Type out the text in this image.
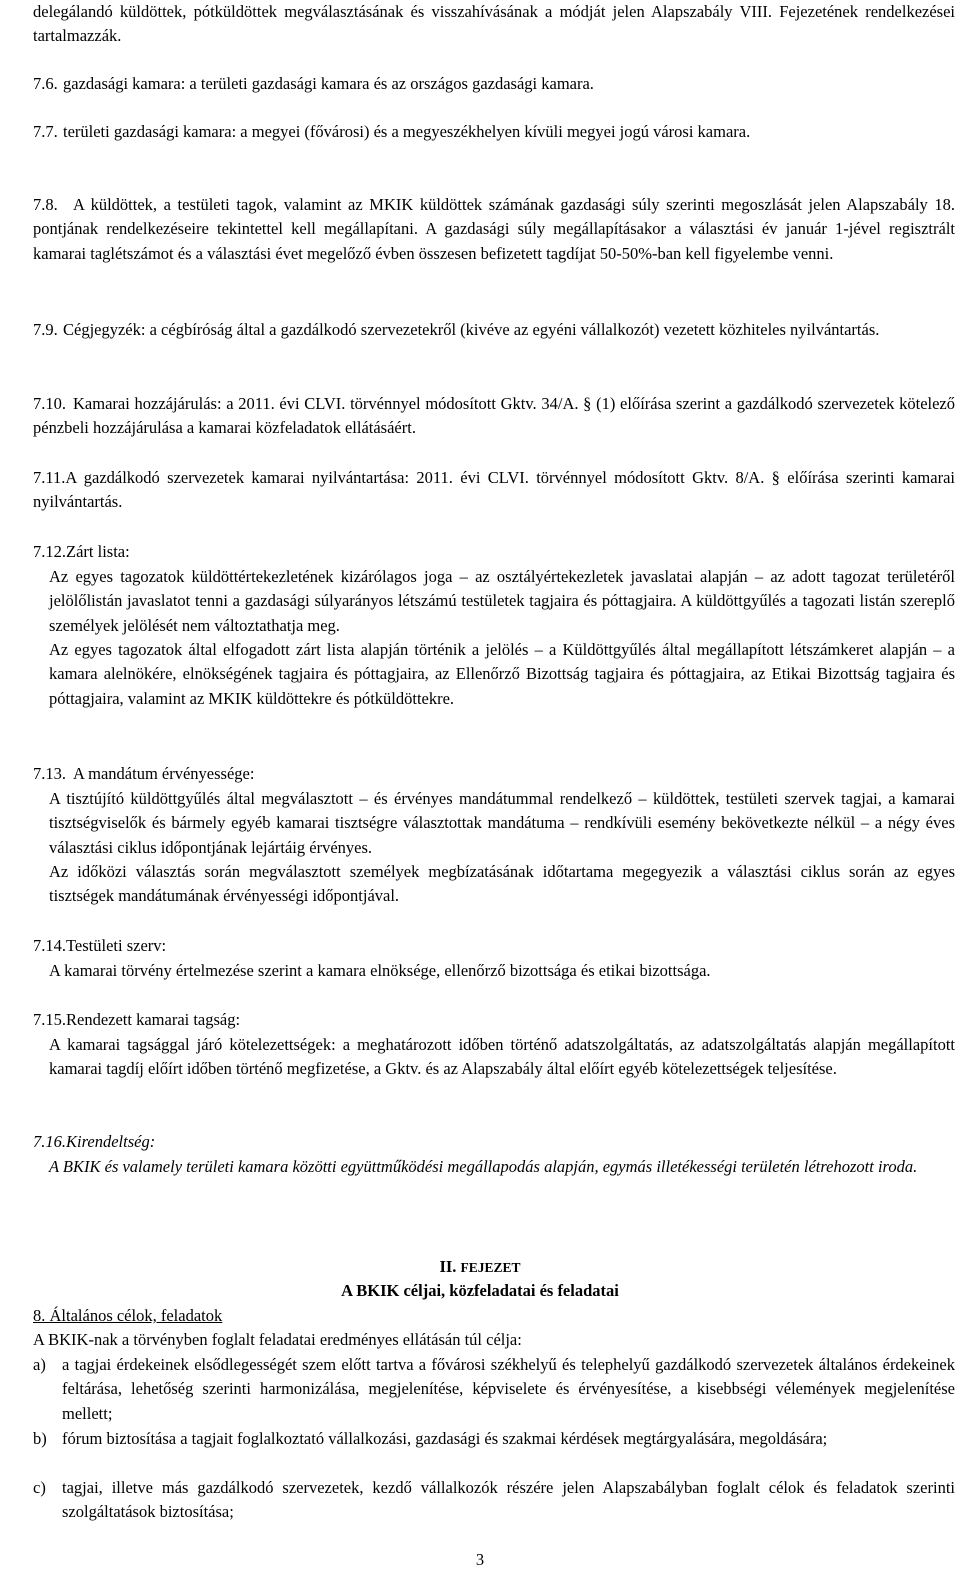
delegálandó küldöttek, pótküldöttek megválasztásának és visszahívásának a módját jelen Alapszabály VIII. Fejezetének rendelkezései tartalmazzák.

7.6. gazdasági kamara: a területi gazdasági kamara és az országos gazdasági kamara.

7.7. területi gazdasági kamara: a megyei (fővárosi) és a megyeszékhelyen kívüli megyei jogú városi kamara.

7.8. A küldöttek, a testületi tagok, valamint az MKIK küldöttek számának gazdasági súly szerinti megoszlását jelen Alapszabály 18. pontjának rendelkezéseire tekintettel kell megállapítani. A gazdasági súly megállapításakor a választási év január 1-jével regisztrált kamarai taglétszámot és a választási évet megelőző évben összesen befizetett tagdíjat 50-50%-ban kell figyelembe venni.

7.9. Cégjegyzék: a cégbíróság által a gazdálkodó szervezetekről (kivéve az egyéni vállalkozót) vezetett közhiteles nyilvántartás.

7.10. Kamarai hozzájárulás: a 2011. évi CLVI. törvénnyel módosított Gktv. 34/A. § (1) előírása szerint a gazdálkodó szervezetek kötelező pénzbeli hozzájárulása a kamarai közfeladatok ellátásáért.

7.11.A gazdálkodó szervezetek kamarai nyilvántartása: 2011. évi CLVI. törvénnyel módosított Gktv. 8/A. § előírása szerinti kamarai nyilvántartás.

7.12.Zárt lista:

Az egyes tagozatok küldöttértekezletének kizárólagos joga – az osztályértekezletek javaslatai alapján – az adott tagozat területéről jelölőlistán javaslatot tenni a gazdasági súlyarányos létszámú testületek tagjaira és póttagjaira. A küldöttgyűlés a tagozati listán szereplő személyek jelölését nem változtathatja meg.

Az egyes tagozatok által elfogadott zárt lista alapján történik a jelölés – a Küldöttgyűlés által megállapított létszámkeret alapján – a kamara alelnökére, elnökségének tagjaira és póttagjaira, az Ellenőrző Bizottság tagjaira és póttagjaira, az Etikai Bizottság tagjaira és póttagjaira, valamint az MKIK küldöttekre és pótküldöttekre.

7.13. A mandátum érvényessége:

A tisztújító küldöttgyűlés által megválasztott – és érvényes mandátummal rendelkező – küldöttek, testületi szervek tagjai, a kamarai tisztségviselők és bármely egyéb kamarai tisztségre választottak mandátuma – rendkívüli esemény bekövetkezte nélkül – a négy éves választási ciklus időpontjának lejártáig érvényes.

Az időközi választás során megválasztott személyek megbízatásának időtartama megegyezik a választási ciklus során az egyes tisztségek mandátumának érvényességi időpontjával.

7.14.Testületi szerv:

A kamarai törvény értelmezése szerint a kamara elnöksége, ellenőrző bizottsága és etikai bizottsága.

7.15.Rendezett kamarai tagság:

A kamarai tagsággal járó kötelezettségek: a meghatározott időben történő adatszolgáltatás, az adatszolgáltatás alapján megállapított kamarai tagdíj előírt időben történő megfizetése, a Gktv. és az Alapszabály által előírt egyéb kötelezettségek teljesítése.

7.16.Kirendeltség:

A BKIK és valamely területi kamara közötti együttműködési megállapodás alapján, egymás illetékességi területén létrehozott iroda.

II. FEJEZET

A BKIK céljai, közfeladatai és feladatai

8. Általános célok, feladatok

A BKIK-nak a törvényben foglalt feladatai eredményes ellátásán túl célja:

a) a tagjai érdekeinek elsődlegességét szem előtt tartva a fővárosi székhelyű és telephelyű gazdálkodó szervezetek általános érdekeinek feltárása, lehetőség szerinti harmonizálása, megjelenítése, képviselete és érvényesítése, a kisebbségi vélemények megjelenítése mellett;
b) fórum biztosítása a tagjait foglalkoztató vállalkozási, gazdasági és szakmai kérdések megtárgyalására, megoldására;
c) tagjai, illetve más gazdálkodó szervezetek, kezdő vállalkozók részére jelen Alapszabályban foglalt célok és feladatok szerinti szolgáltatások biztosítása;
3
